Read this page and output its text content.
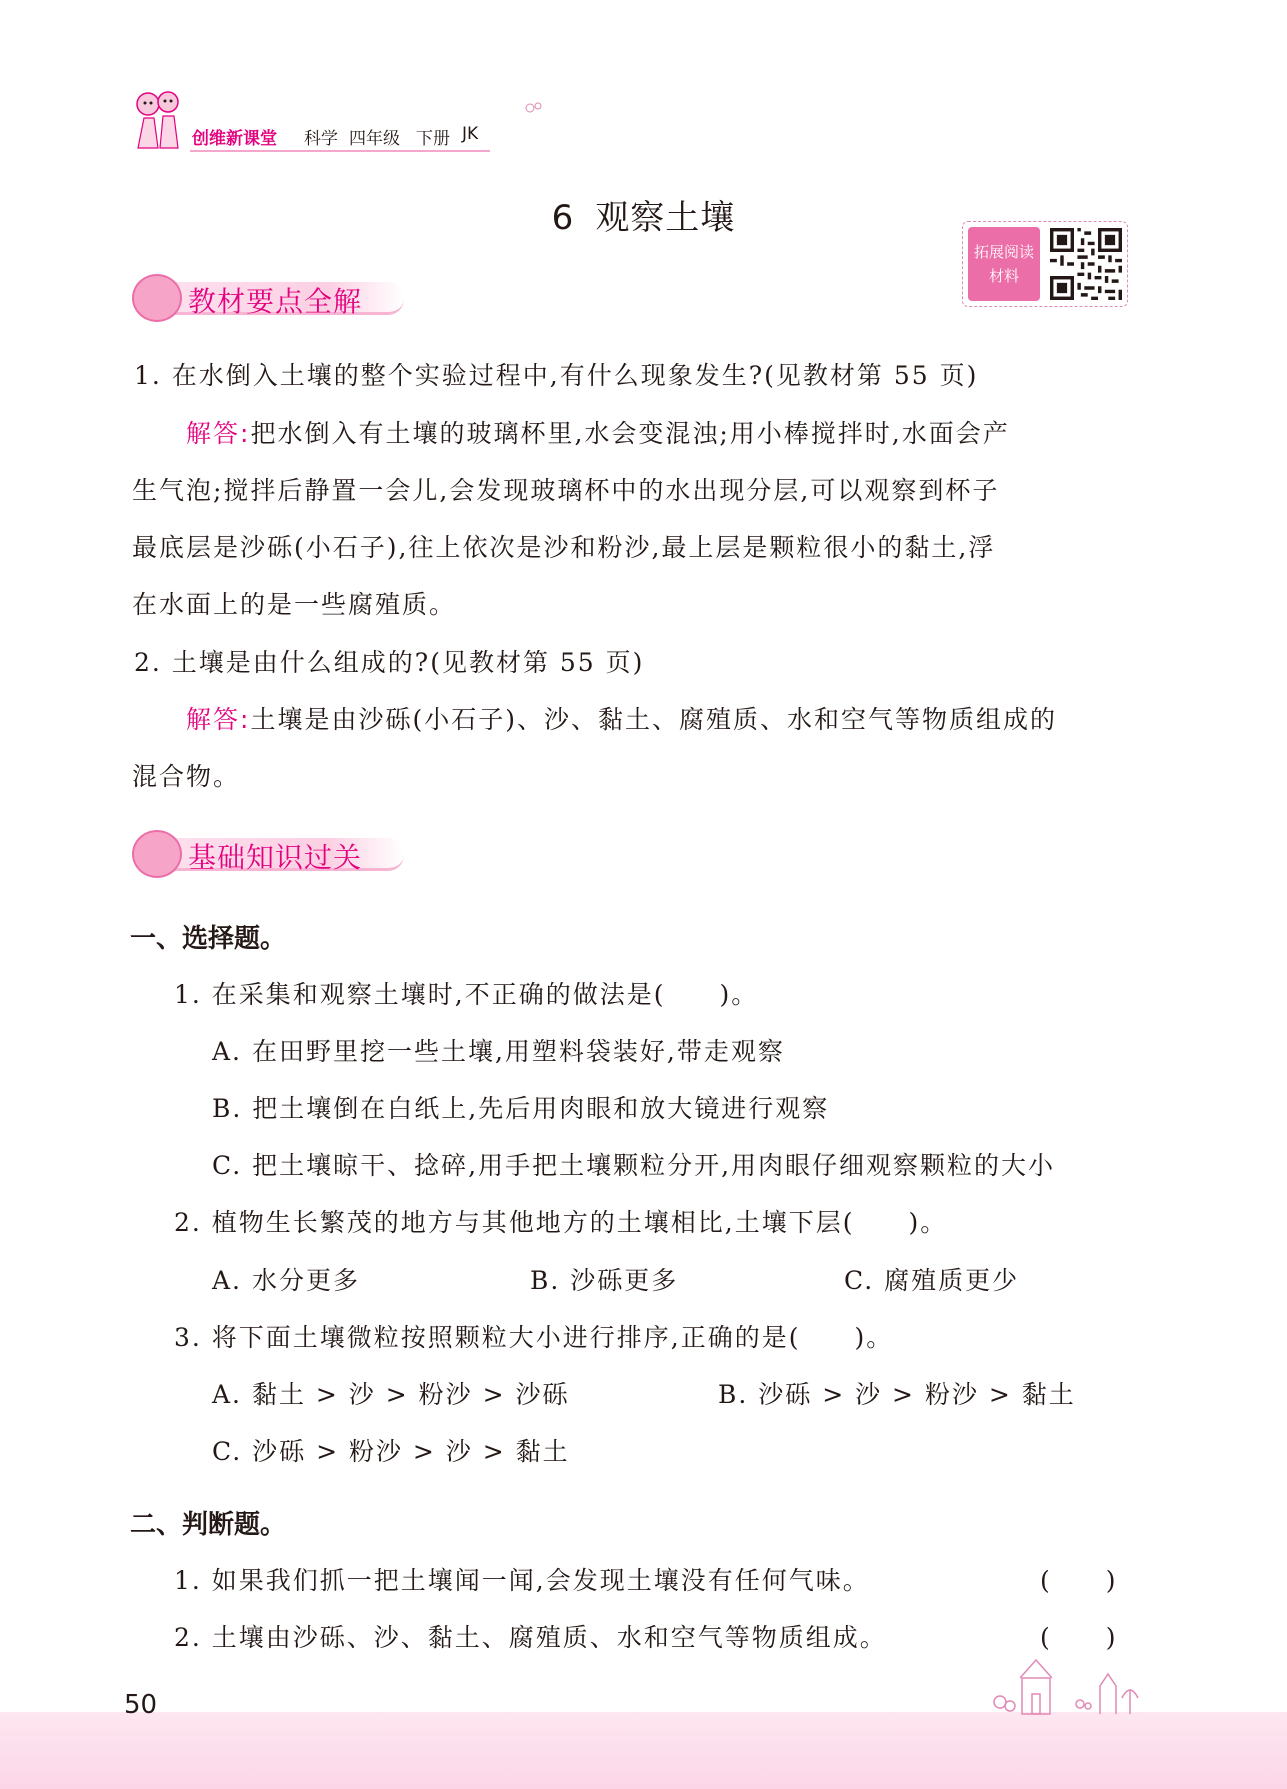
创维新课堂 科学 四年级 下册 JK
6 观察土壤
拓展阅读
材料
教材要点全解
1. 在水倒入土壤的整个实验过程中,有什么现象发生?(见教材第 55 页)
解答:把水倒入有土壤的玻璃杯里,水会变混浊;用小棒搅拌时,水面会产
生气泡;搅拌后静置一会儿,会发现玻璃杯中的水出现分层,可以观察到杯子
最底层是沙砾(小石子),往上依次是沙和粉沙,最上层是颗粒很小的黏土,浮
在水面上的是一些腐殖质。
2. 土壤是由什么组成的?(见教材第 55 页)
解答:土壤是由沙砾(小石子)、沙、黏土、腐殖质、水和空气等物质组成的
混合物。
基础知识过关
一、选择题。
1. 在采集和观察土壤时,不正确的做法是(　　)。
A. 在田野里挖一些土壤,用塑料袋装好,带走观察
B. 把土壤倒在白纸上,先后用肉眼和放大镜进行观察
C. 把土壤晾干、捻碎,用手把土壤颗粒分开,用肉眼仔细观察颗粒的大小
2. 植物生长繁茂的地方与其他地方的土壤相比,土壤下层(　　)。
A. 水分更多	B. 沙砾更多	C. 腐殖质更少
3. 将下面土壤微粒按照颗粒大小进行排序,正确的是(　　)。
A. 黏土 > 沙 > 粉沙 > 沙砾	B. 沙砾 > 沙 > 粉沙 > 黏土
C. 沙砾 > 粉沙 > 沙 > 黏土
二、判断题。
1. 如果我们抓一把土壤闻一闻,会发现土壤没有任何气味。	(　　)
2. 土壤由沙砾、沙、黏土、腐殖质、水和空气等物质组成。	(　　)
50
